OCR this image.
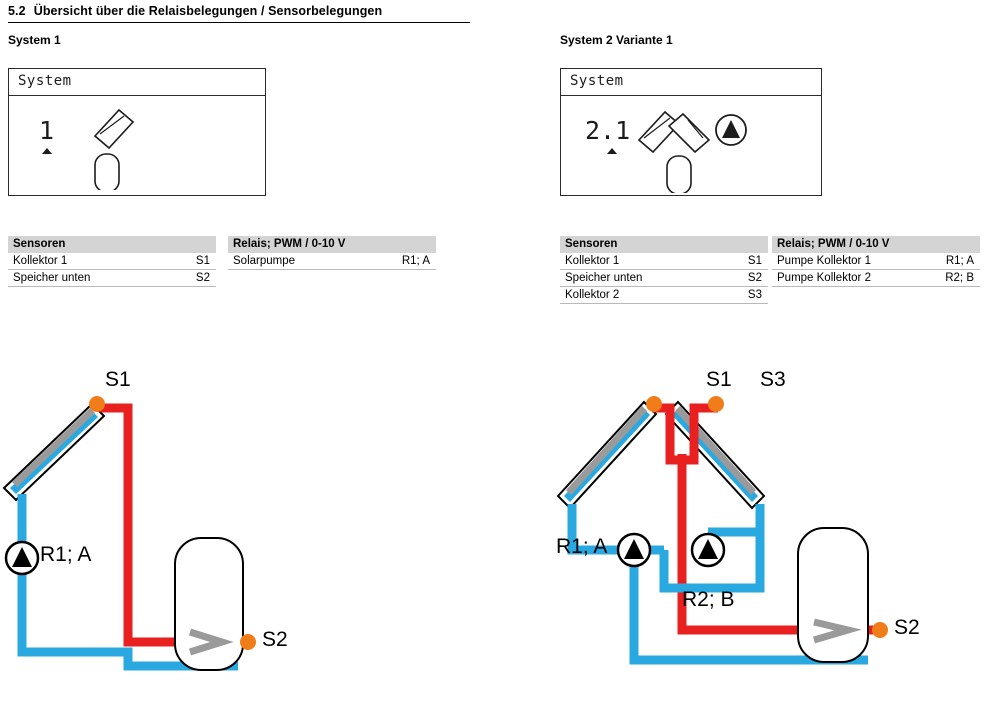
5.2 Übersicht über die Relaisbelegungen / Sensorbelegungen
System 1	System 2 Variante 1
System
1
System
2.1
Sensoren	
Kollektor 1	S1
Speicher unten	S2
Relais; PWM / 0-10 V
Solarpumpe	R1; A
Sensoren	
Kollektor 1	S1
Speicher unten	S2
Kollektor 2	S3
Relais; PWM / 0-10 V	
Pumpe Kollektor 1	R1; A
Pumpe Kollektor 2	R2; B
S1
R1; A
S2
S1 S3
R1; A
R2; B
S2
